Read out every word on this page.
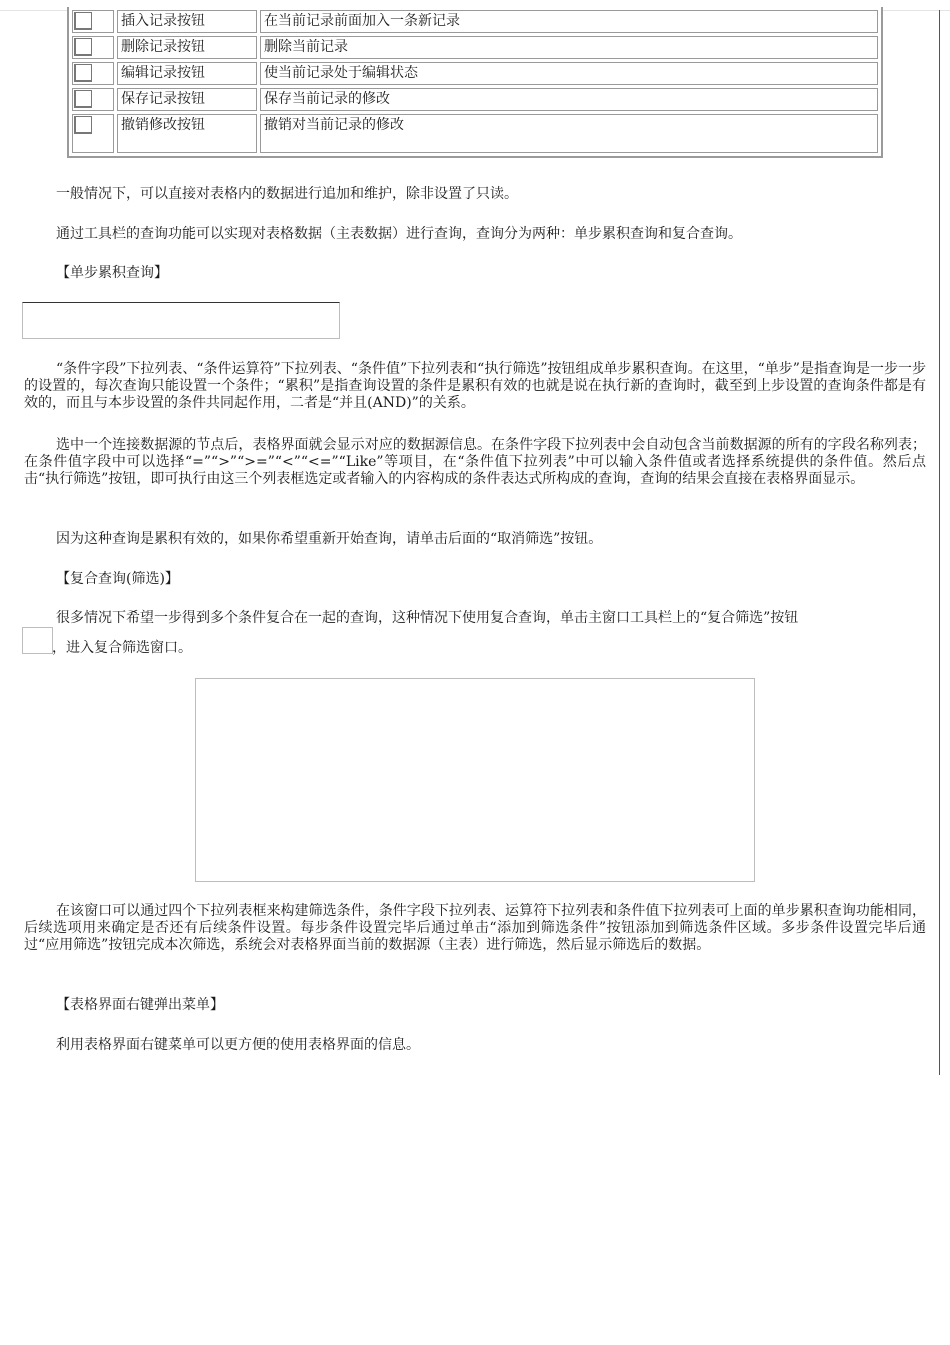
	插入记录按钮	在当前记录前面加入一条新记录

	删除记录按钮	删除当前记录

	编辑记录按钮	使当前记录处于编辑状态

	保存记录按钮	保存当前记录的修改

	撤销修改按钮	撤销对当前记录的修改

一般情况下，可以直接对表格内的数据进行追加和维护，除非设置了只读。

通过工具栏的查询功能可以实现对表格数据（主表数据）进行查询，查询分为两种：单步累积查询和复合查询。

【单步累积查询】

“条件字段”下拉列表、“条件运算符”下拉列表、“条件值”下拉列表和“执行筛选”按钮组成单步累积查询。在这里，“单步”是指查询是一步一步的设置的，每次查询只能设置一个条件；“累积”是指查询设置的条件是累积有效的也就是说在执行新的查询时，截至到上步设置的查询条件都是有效的，而且与本步设置的条件共同起作用，二者是“并且(AND)”的关系。

选中一个连接数据源的节点后，表格界面就会显示对应的数据源信息。在条件字段下拉列表中会自动包含当前数据源的所有的字段名称列表；在条件值字段中可以选择“=”“>”“>=”“<”“<=”“Like”等项目，在“条件值下拉列表”中可以输入条件值或者选择系统提供的条件值。然后点击“执行筛选”按钮，即可执行由这三个列表框选定或者输入的内容构成的条件表达式所构成的查询，查询的结果会直接在表格界面显示。

因为这种查询是累积有效的，如果你希望重新开始查询，请单击后面的“取消筛选”按钮。

【复合查询(筛选)】

很多情况下希望一步得到多个条件复合在一起的查询，这种情况下使用复合查询，单击主窗口工具栏上的“复合筛选”按钮

，进入复合筛选窗口。

在该窗口可以通过四个下拉列表框来构建筛选条件，条件字段下拉列表、运算符下拉列表和条件值下拉列表可上面的单步累积查询功能相同，后续选项用来确定是否还有后续条件设置。每步条件设置完毕后通过单击“添加到筛选条件”按钮添加到筛选条件区域。多步条件设置完毕后通过“应用筛选”按钮完成本次筛选，系统会对表格界面当前的数据源（主表）进行筛选，然后显示筛选后的数据。

【表格界面右键弹出菜单】

利用表格界面右键菜单可以更方便的使用表格界面的信息。
